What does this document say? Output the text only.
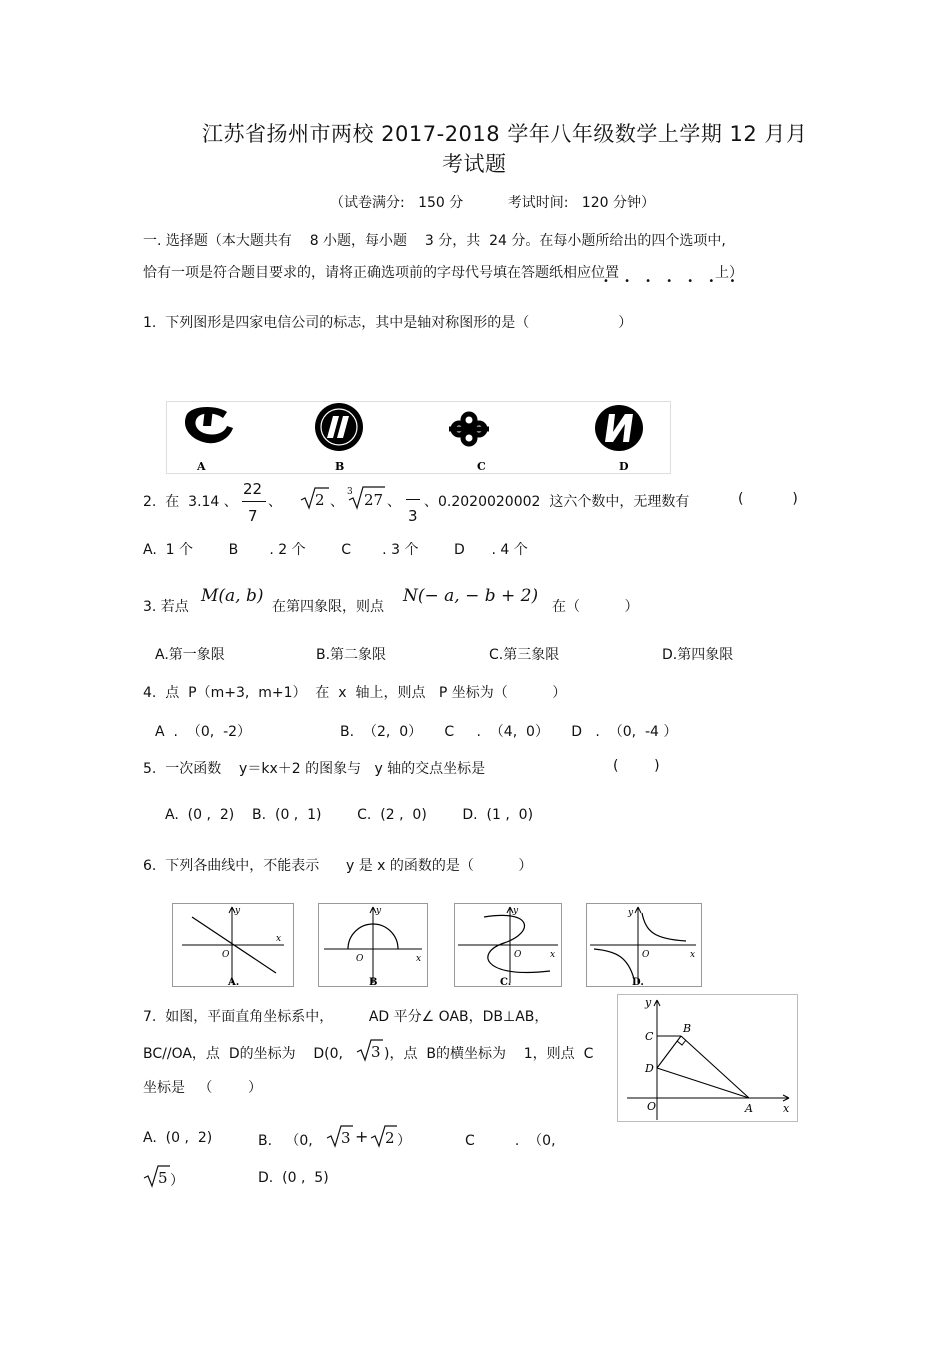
江苏省扬州市两校 2017-2018 学年八年级数学上学期 12 月月
考试题
（试卷满分:   150 分          考试时间:   120 分钟）
一. 选择题（本大题共有    8 小题，每小题    3 分，共  24 分。在每小题所给出的四个选项中,
恰有一项是符合题目要求的，请将正确选项前的字母代号填在答题纸相应位置	上）
• • • • • • •
1.  下列图形是四家电信公司的标志，其中是轴对称图形的是（                    ）
A	B	C	D
2.  在  3.14 、
22
7
、 2 、
3 27 、
3
、0.2020020002  这六个数中，无理数有	(           )
A.  1 个        B       . 2 个        C       . 3 个        D      . 4 个
3. 若点
M(a, b)
在第四象限，则点
N(− a, − b + 2)
在（          ）
A.第一象限	B.第二象限	C.第三象限	D.第四象限
4.  点  P（m+3,  m+1）  在  x  轴上，则点   P 坐标为（          ）
A  .  （0,  -2）                    B.  （2,  0）     C     .  （4,  0）     D   .  （0,  -4 ）
5.  一次函数    y＝kx＋2 的图象与   y 轴的交点坐标是	(        )
A.  (0 ,  2)    B.  (0 ,  1)        C.  (2 ,  0)        D.  (1 ,  0)
6.  下列各曲线中，不能表示      y 是 x 的函数的是（          ）
y
x
O
A.
y
x
O
B
y
x
O
C.
y
x
O
D.
7.  如图，平面直角坐标系中，        AD 平分∠ OAB，DB⊥AB，
BC//OA，点  D的坐标为    D(0, 3 )，点  B的横坐标为    1，则点  C
坐标是   （        ）
y
x
C
B
D
O	A
A.  (0 ,  2)	B.   （0, 3 + 2 ）	C         .  （0,
5 ）	D.  (0 ,  5)
